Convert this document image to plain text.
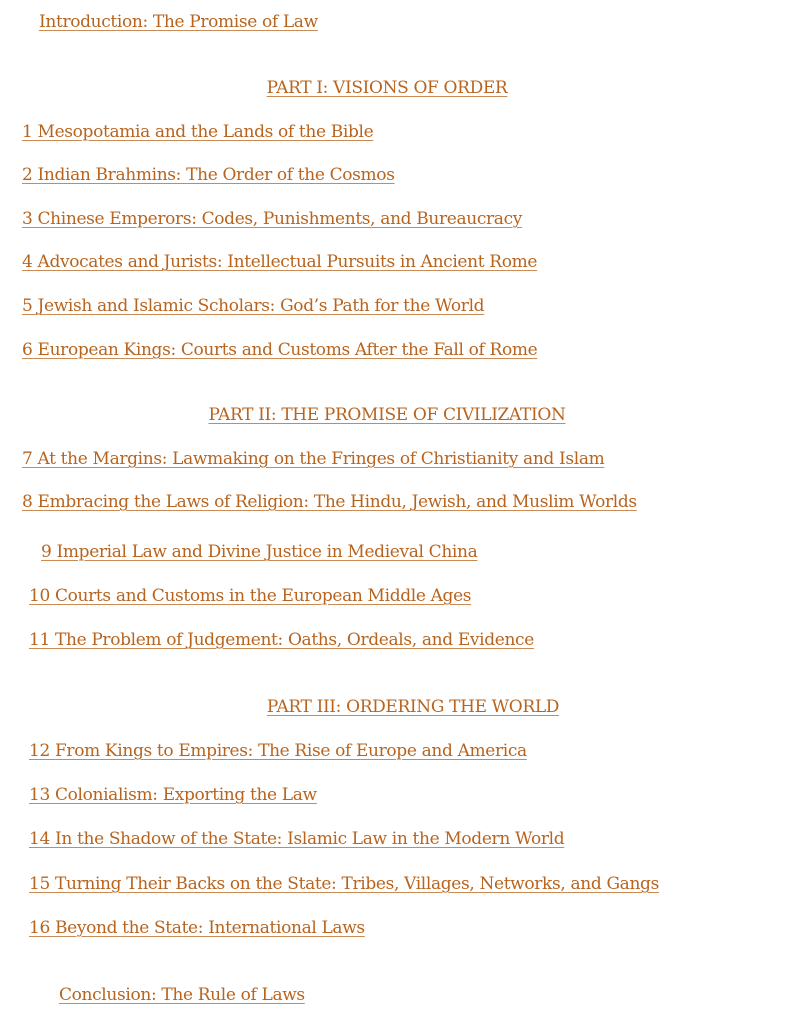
Introduction: The Promise of Law
PART I: VISIONS OF ORDER
1 Mesopotamia and the Lands of the Bible
2 Indian Brahmins: The Order of the Cosmos
3 Chinese Emperors: Codes, Punishments, and Bureaucracy
4 Advocates and Jurists: Intellectual Pursuits in Ancient Rome
5 Jewish and Islamic Scholars: God’s Path for the World
6 European Kings: Courts and Customs After the Fall of Rome
PART II: THE PROMISE OF CIVILIZATION
7 At the Margins: Lawmaking on the Fringes of Christianity and Islam
8 Embracing the Laws of Religion: The Hindu, Jewish, and Muslim Worlds
9 Imperial Law and Divine Justice in Medieval China
10 Courts and Customs in the European Middle Ages
11 The Problem of Judgement: Oaths, Ordeals, and Evidence
PART III: ORDERING THE WORLD
12 From Kings to Empires: The Rise of Europe and America
13 Colonialism: Exporting the Law
14 In the Shadow of the State: Islamic Law in the Modern World
15 Turning Their Backs on the State: Tribes, Villages, Networks, and Gangs
16 Beyond the State: International Laws
Conclusion: The Rule of Laws
